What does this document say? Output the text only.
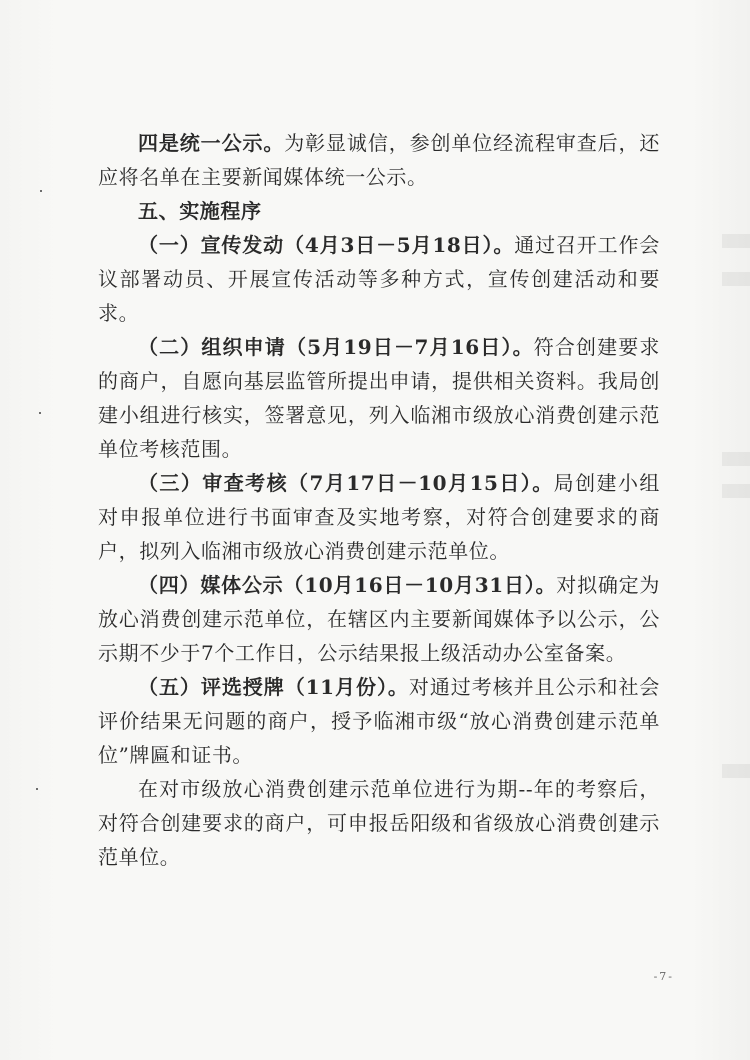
四是统一公示。为彰显诚信，参创单位经流程审查后，还应将名单在主要新闻媒体统一公示。

五、实施程序

（一）宣传发动（4月3日－5月18日）。通过召开工作会议部署动员、开展宣传活动等多种方式，宣传创建活动和要求。

（二）组织申请（5月19日－7月16日）。符合创建要求的商户，自愿向基层监管所提出申请，提供相关资料。我局创建小组进行核实，签署意见，列入临湘市级放心消费创建示范单位考核范围。

（三）审查考核（7月17日－10月15日）。局创建小组对申报单位进行书面审查及实地考察，对符合创建要求的商户，拟列入临湘市级放心消费创建示范单位。

（四）媒体公示（10月16日－10月31日）。对拟确定为放心消费创建示范单位，在辖区内主要新闻媒体予以公示，公示期不少于7个工作日，公示结果报上级活动办公室备案。

（五）评选授牌（11月份）。对通过考核并且公示和社会评价结果无问题的商户，授予临湘市级“放心消费创建示范单位”牌匾和证书。

在对市级放心消费创建示范单位进行为期--年的考察后，对符合创建要求的商户，可申报岳阳级和省级放心消费创建示范单位。

-7-
